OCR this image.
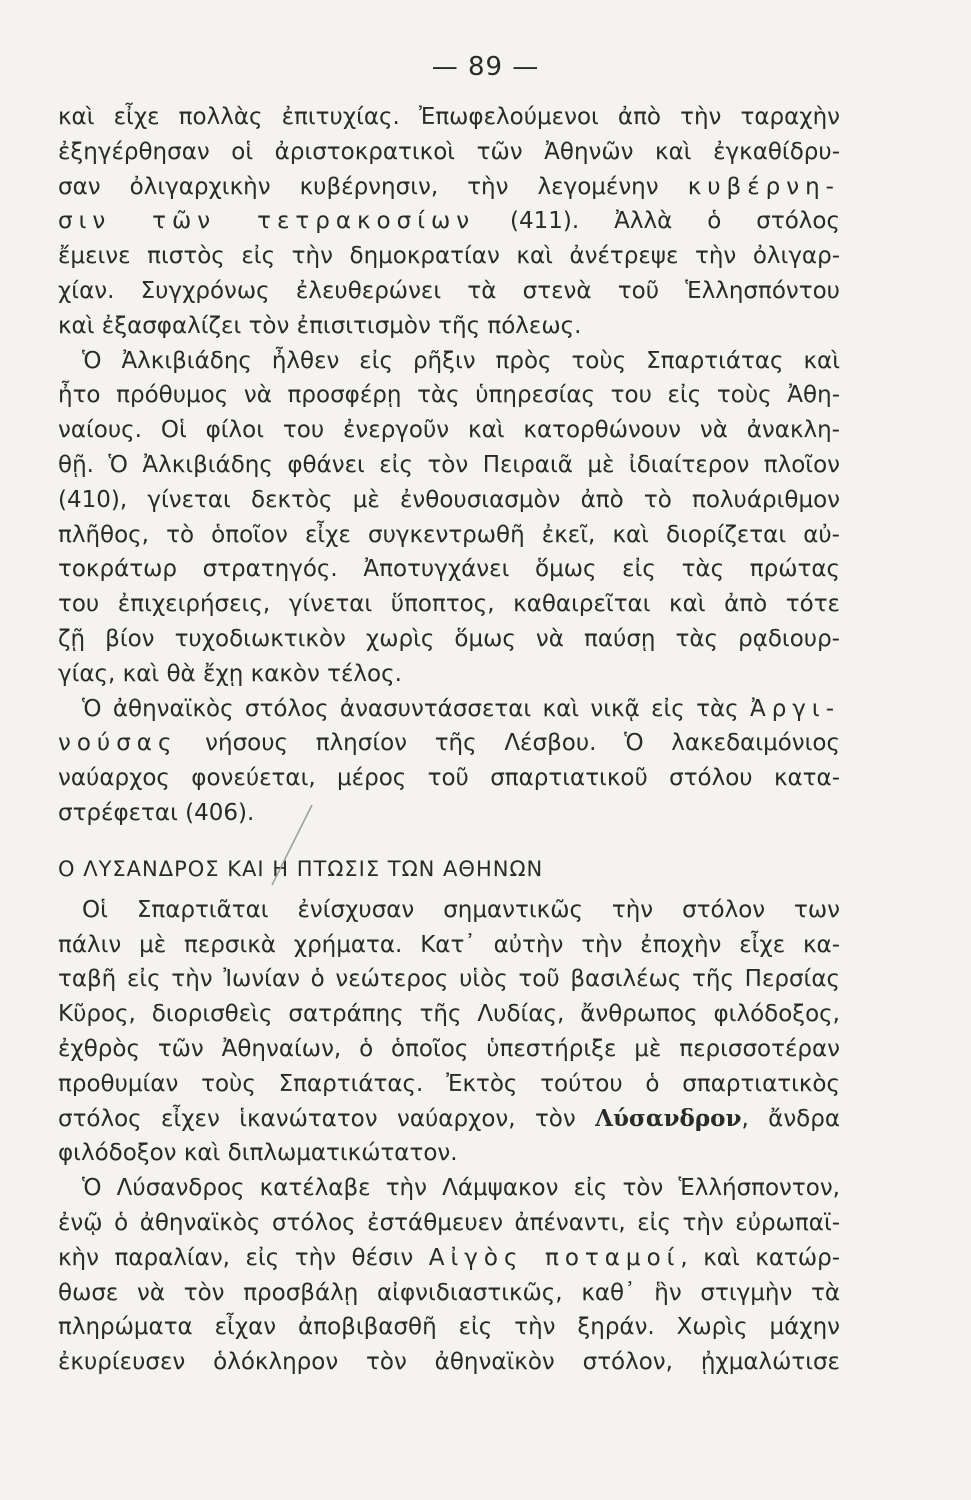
— 89 —
καὶ εἶχε πολλὰς ἐπιτυχίας. Ἐπωφελούμενοι ἀπὸ τὴν ταραχὴν
ἐξηγέρθησαν οἱ ἀριστοκρατικοὶ τῶν Ἀθηνῶν καὶ ἐγκαθίδρυ-
σαν ὀλιγαρχικὴν κυβέρνησιν, τὴν λεγομένην κυβέρνη-
σιν τῶν τετρακοσίων (411). Ἀλλὰ ὁ στόλος
ἔμεινε πιστὸς εἰς τὴν δημοκρατίαν καὶ ἀνέτρεψε τὴν ὀλιγαρ-
χίαν. Συγχρόνως ἐλευθερώνει τὰ στενὰ τοῦ Ἑλλησπόντου
καὶ ἐξασφαλίζει τὸν ἐπισιτισμὸν τῆς πόλεως.
Ὁ Ἀλκιβιάδης ἦλθεν εἰς ρῆξιν πρὸς τοὺς Σπαρτιάτας καὶ
ἦτο πρόθυμος νὰ προσφέρῃ τὰς ὑπηρεσίας του εἰς τοὺς Ἀθη-
ναίους. Οἱ φίλοι του ἐνεργοῦν καὶ κατορθώνουν νὰ ἀνακλη-
θῇ. Ὁ Ἀλκιβιάδης φθάνει εἰς τὸν Πειραιᾶ μὲ ἰδιαίτερον πλοῖον
(410), γίνεται δεκτὸς μὲ ἐνθουσιασμὸν ἀπὸ τὸ πολυάριθμον
πλῆθος, τὸ ὁποῖον εἶχε συγκεντρωθῆ ἐκεῖ, καὶ διορίζεται αὐ-
τοκράτωρ στρατηγός. Ἀποτυγχάνει ὅμως εἰς τὰς πρώτας
του ἐπιχειρήσεις, γίνεται ὕποπτος, καθαιρεῖται καὶ ἀπὸ τότε
ζῇ βίον τυχοδιωκτικὸν χωρὶς ὅμως νὰ παύσῃ τὰς ρᾳδιουρ-
γίας, καὶ θὰ ἔχῃ κακὸν τέλος.
Ὁ ἀθηναϊκὸς στόλος ἀνασυντάσσεται καὶ νικᾷ εἰς τὰς Ἀργι-
νούσας νήσους πλησίον τῆς Λέσβου. Ὁ λακεδαιμόνιος
ναύαρχος φονεύεται, μέρος τοῦ σπαρτιατικοῦ στόλου κατα-
στρέφεται (406).
Ο ΛΥΣΑΝΔΡΟΣ ΚΑΙ Η ΠΤΩΣΙΣ ΤΩΝ ΑΘΗΝΩΝ
Οἱ Σπαρτιᾶται ἐνίσχυσαν σημαντικῶς τὴν στόλον των
πάλιν μὲ περσικὰ χρήματα. Κατ᾽ αὐτὴν τὴν ἐποχὴν εἶχε κα-
ταβῆ εἰς τὴν Ἰωνίαν ὁ νεώτερος υἱὸς τοῦ βασιλέως τῆς Περσίας
Κῦρος, διορισθεὶς σατράπης τῆς Λυδίας, ἄνθρωπος φιλόδοξος,
ἐχθρὸς τῶν Ἀθηναίων, ὁ ὁποῖος ὑπεστήριξε μὲ περισσοτέραν
προθυμίαν τοὺς Σπαρτιάτας. Ἐκτὸς τούτου ὁ σπαρτιατικὸς
στόλος εἶχεν ἱκανώτατον ναύαρχον, τὸν Λύσανδρον, ἄνδρα
φιλόδοξον καὶ διπλωματικώτατον.
Ὁ Λύσανδρος κατέλαβε τὴν Λάμψακον εἰς τὸν Ἑλλήσποντον,
ἐνῷ ὁ ἀθηναϊκὸς στόλος ἐστάθμευεν ἀπέναντι, εἰς τὴν εὐρωπαϊ-
κὴν παραλίαν, εἰς τὴν θέσιν Αἰγὸς ποταμοί, καὶ κατώρ-
θωσε νὰ τὸν προσβάλῃ αἰφνιδιαστικῶς, καθ᾽ ἣν στιγμὴν τὰ
πληρώματα εἶχαν ἀποβιβασθῆ εἰς τὴν ξηράν. Χωρὶς μάχην
ἐκυρίευσεν ὁλόκληρον τὸν ἀθηναϊκὸν στόλον, ᾐχμαλώτισε
